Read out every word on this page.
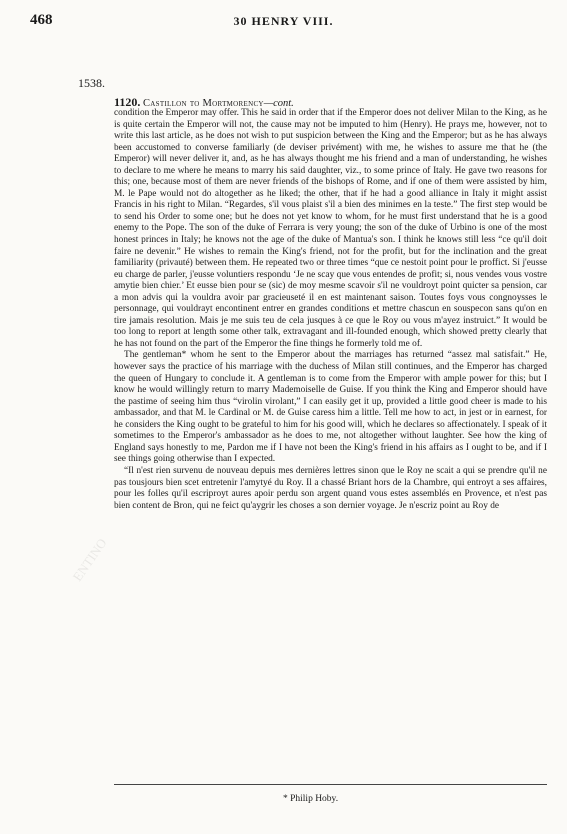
468	30 HENRY VIII.
1538.
1120. Castillon to Mortmorency—cont.
ENTINO

condition the Emperor may offer. This he said in order that if the Emperor does not deliver Milan to the King, as he is quite certain the Emperor will not, the cause may not be imputed to him (Henry). He prays me, however, not to write this last article, as he does not wish to put suspicion between the King and the Emperor; but as he has always been accustomed to converse familiarly (de deviser privément) with me, he wishes to assure me that he (the Emperor) will never deliver it, and, as he has always thought me his friend and a man of understanding, he wishes to declare to me where he means to marry his said daughter, viz., to some prince of Italy. He gave two reasons for this; one, because most of them are never friends of the bishops of Rome, and if one of them were assisted by him, M. le Pape would not do altogether as he liked; the other, that if he had a good alliance in Italy it might assist Francis in his right to Milan. “Regardes, s'il vous plaist s'il a bien des minimes en la teste.” The first step would be to send his Order to some one; but he does not yet know to whom, for he must first understand that he is a good enemy to the Pope. The son of the duke of Ferrara is very young; the son of the duke of Urbino is one of the most honest princes in Italy; he knows not the age of the duke of Mantua's son. I think he knows still less “ce qu'il doit faire ne devenir.” He wishes to remain the King's friend, not for the profit, but for the inclination and the great familiarity (privauté) between them. He repeated two or three times “que ce nestoit point pour le proffict. Si j'eusse eu charge de parler, j'eusse voluntiers respondu ‘Je ne scay que vous entendes de profit; si, nous vendes vous vostre amytie bien chier.’ Et eusse bien pour se (sic) de moy mesme scavoir s'il ne vouldroyt point quicter sa pension, car a mon advis qui la vouldra avoir par gracieuseté il en est maintenant saison. Toutes foys vous congnoysses le personnage, qui vouldrayt encontinent entrer en grandes conditions et mettre chascun en souspecon sans qu'on en tire jamais resolution. Mais je me suis teu de cela jusques à ce que le Roy ou vous m'ayez instruict.” It would be too long to report at length some other talk, extravagant and ill-founded enough, which showed pretty clearly that he has not found on the part of the Emperor the fine things he formerly told me of.

The gentleman* whom he sent to the Emperor about the marriages has returned “assez mal satisfait.” He, however says the practice of his marriage with the duchess of Milan still continues, and the Emperor has charged the queen of Hungary to conclude it. A gentleman is to come from the Emperor with ample power for this; but I know he would willingly return to marry Mademoiselle de Guise. If you think the King and Emperor should have the pastime of seeing him thus “virolin virolant,” I can easily get it up, provided a little good cheer is made to his ambassador, and that M. le Cardinal or M. de Guise caress him a little. Tell me how to act, in jest or in earnest, for he considers the King ought to be grateful to him for his good will, which he declares so affectionately. I speak of it sometimes to the Emperor's ambassador as he does to me, not altogether without laughter. See how the king of England says honestly to me, Pardon me if I have not been the King's friend in his affairs as I ought to be, and if I see things going otherwise than I expected.

“Il n'est rien survenu de nouveau depuis mes dernières lettres sinon que le Roy ne scait a qui se prendre qu'il ne pas tousjours bien scet entretenir l'amytyé du Roy. Il a chassé Briant hors de la Chambre, qui entroyt a ses affaires, pour les folles qu'il escriproyt aures apoir perdu son argent quand vous estes assemblés en Provence, et n'est pas bien content de Bron, qui ne feict qu'aygrir les choses a son dernier voyage. Je n'escriz point au Roy de

* Philip Hoby.
